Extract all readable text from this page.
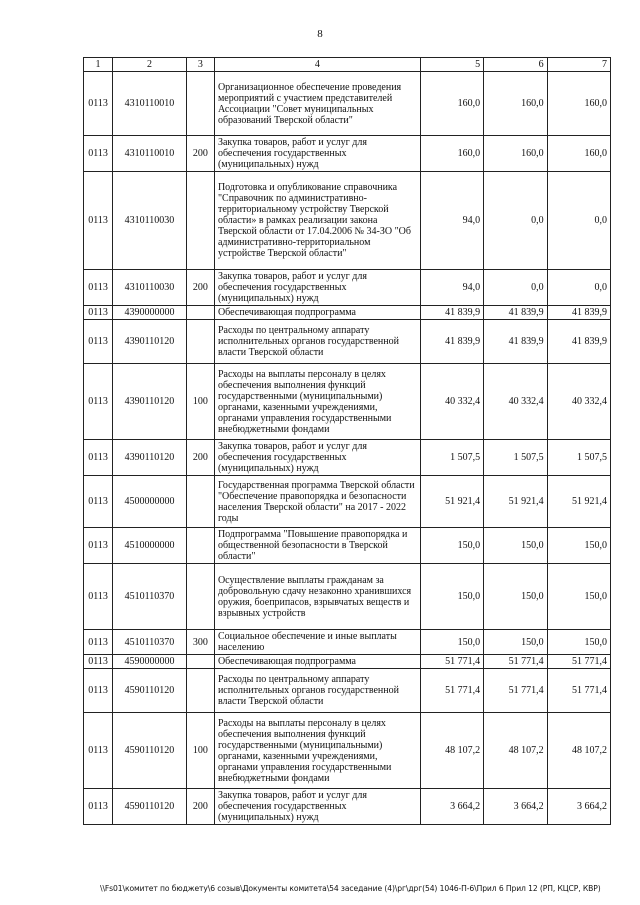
8
1	2	3	4	5	6	7
0113	4310110010		Организационное обеспечение проведения мероприятий с участием представителей Ассоциации "Совет муниципальных образований Тверской области"	160,0	160,0	160,0
0113	4310110010	200	Закупка товаров, работ и услуг для обеспечения государственных (муниципальных) нужд	160,0	160,0	160,0
0113	4310110030		Подготовка и опубликование справочника "Справочник по административно-территориальному устройству Тверской области» в рамках реализации закона Тверской области от 17.04.2006 № 34-ЗО "Об административно-территориальном устройстве Тверской области"	94,0	0,0	0,0
0113	4310110030	200	Закупка товаров, работ и услуг для обеспечения государственных (муниципальных) нужд	94,0	0,0	0,0
0113	4390000000		Обеспечивающая подпрограмма	41 839,9	41 839,9	41 839,9
0113	4390110120		Расходы по центральному аппарату исполнительных органов государственной власти Тверской области	41 839,9	41 839,9	41 839,9
0113	4390110120	100	Расходы на выплаты персоналу в целях обеспечения выполнения функций государственными (муниципальными) органами, казенными учреждениями, органами управления государственными внебюджетными фондами	40 332,4	40 332,4	40 332,4
0113	4390110120	200	Закупка товаров, работ и услуг для обеспечения государственных (муниципальных) нужд	1 507,5	1 507,5	1 507,5
0113	4500000000		Государственная программа Тверской области "Обеспечение правопорядка и безопасности населения Тверской области" на 2017 - 2022 годы	51 921,4	51 921,4	51 921,4
0113	4510000000		Подпрограмма "Повышение правопорядка и общественной безопасности в Тверской области"	150,0	150,0	150,0
0113	4510110370		Осуществление выплаты гражданам за добровольную сдачу незаконно хранившихся оружия, боеприпасов, взрывчатых веществ и взрывных устройств	150,0	150,0	150,0
0113	4510110370	300	Социальное обеспечение и иные выплаты населению	150,0	150,0	150,0
0113	4590000000		Обеспечивающая подпрограмма	51 771,4	51 771,4	51 771,4
0113	4590110120		Расходы по центральному аппарату исполнительных органов государственной власти Тверской области	51 771,4	51 771,4	51 771,4
0113	4590110120	100	Расходы на выплаты персоналу в целях обеспечения выполнения функций государственными (муниципальными) органами, казенными учреждениями, органами управления государственными внебюджетными фондами	48 107,2	48 107,2	48 107,2
0113	4590110120	200	Закупка товаров, работ и услуг для обеспечения государственных (муниципальных) нужд	3 664,2	3 664,2	3 664,2
\\Fs01\комитет по бюджету\6 созыв\Документы комитета\54 заседание (4)\рг\дрг(54) 1046-П-6\Прил 6 Прил 12 (РП, КЦСР, КВР)
